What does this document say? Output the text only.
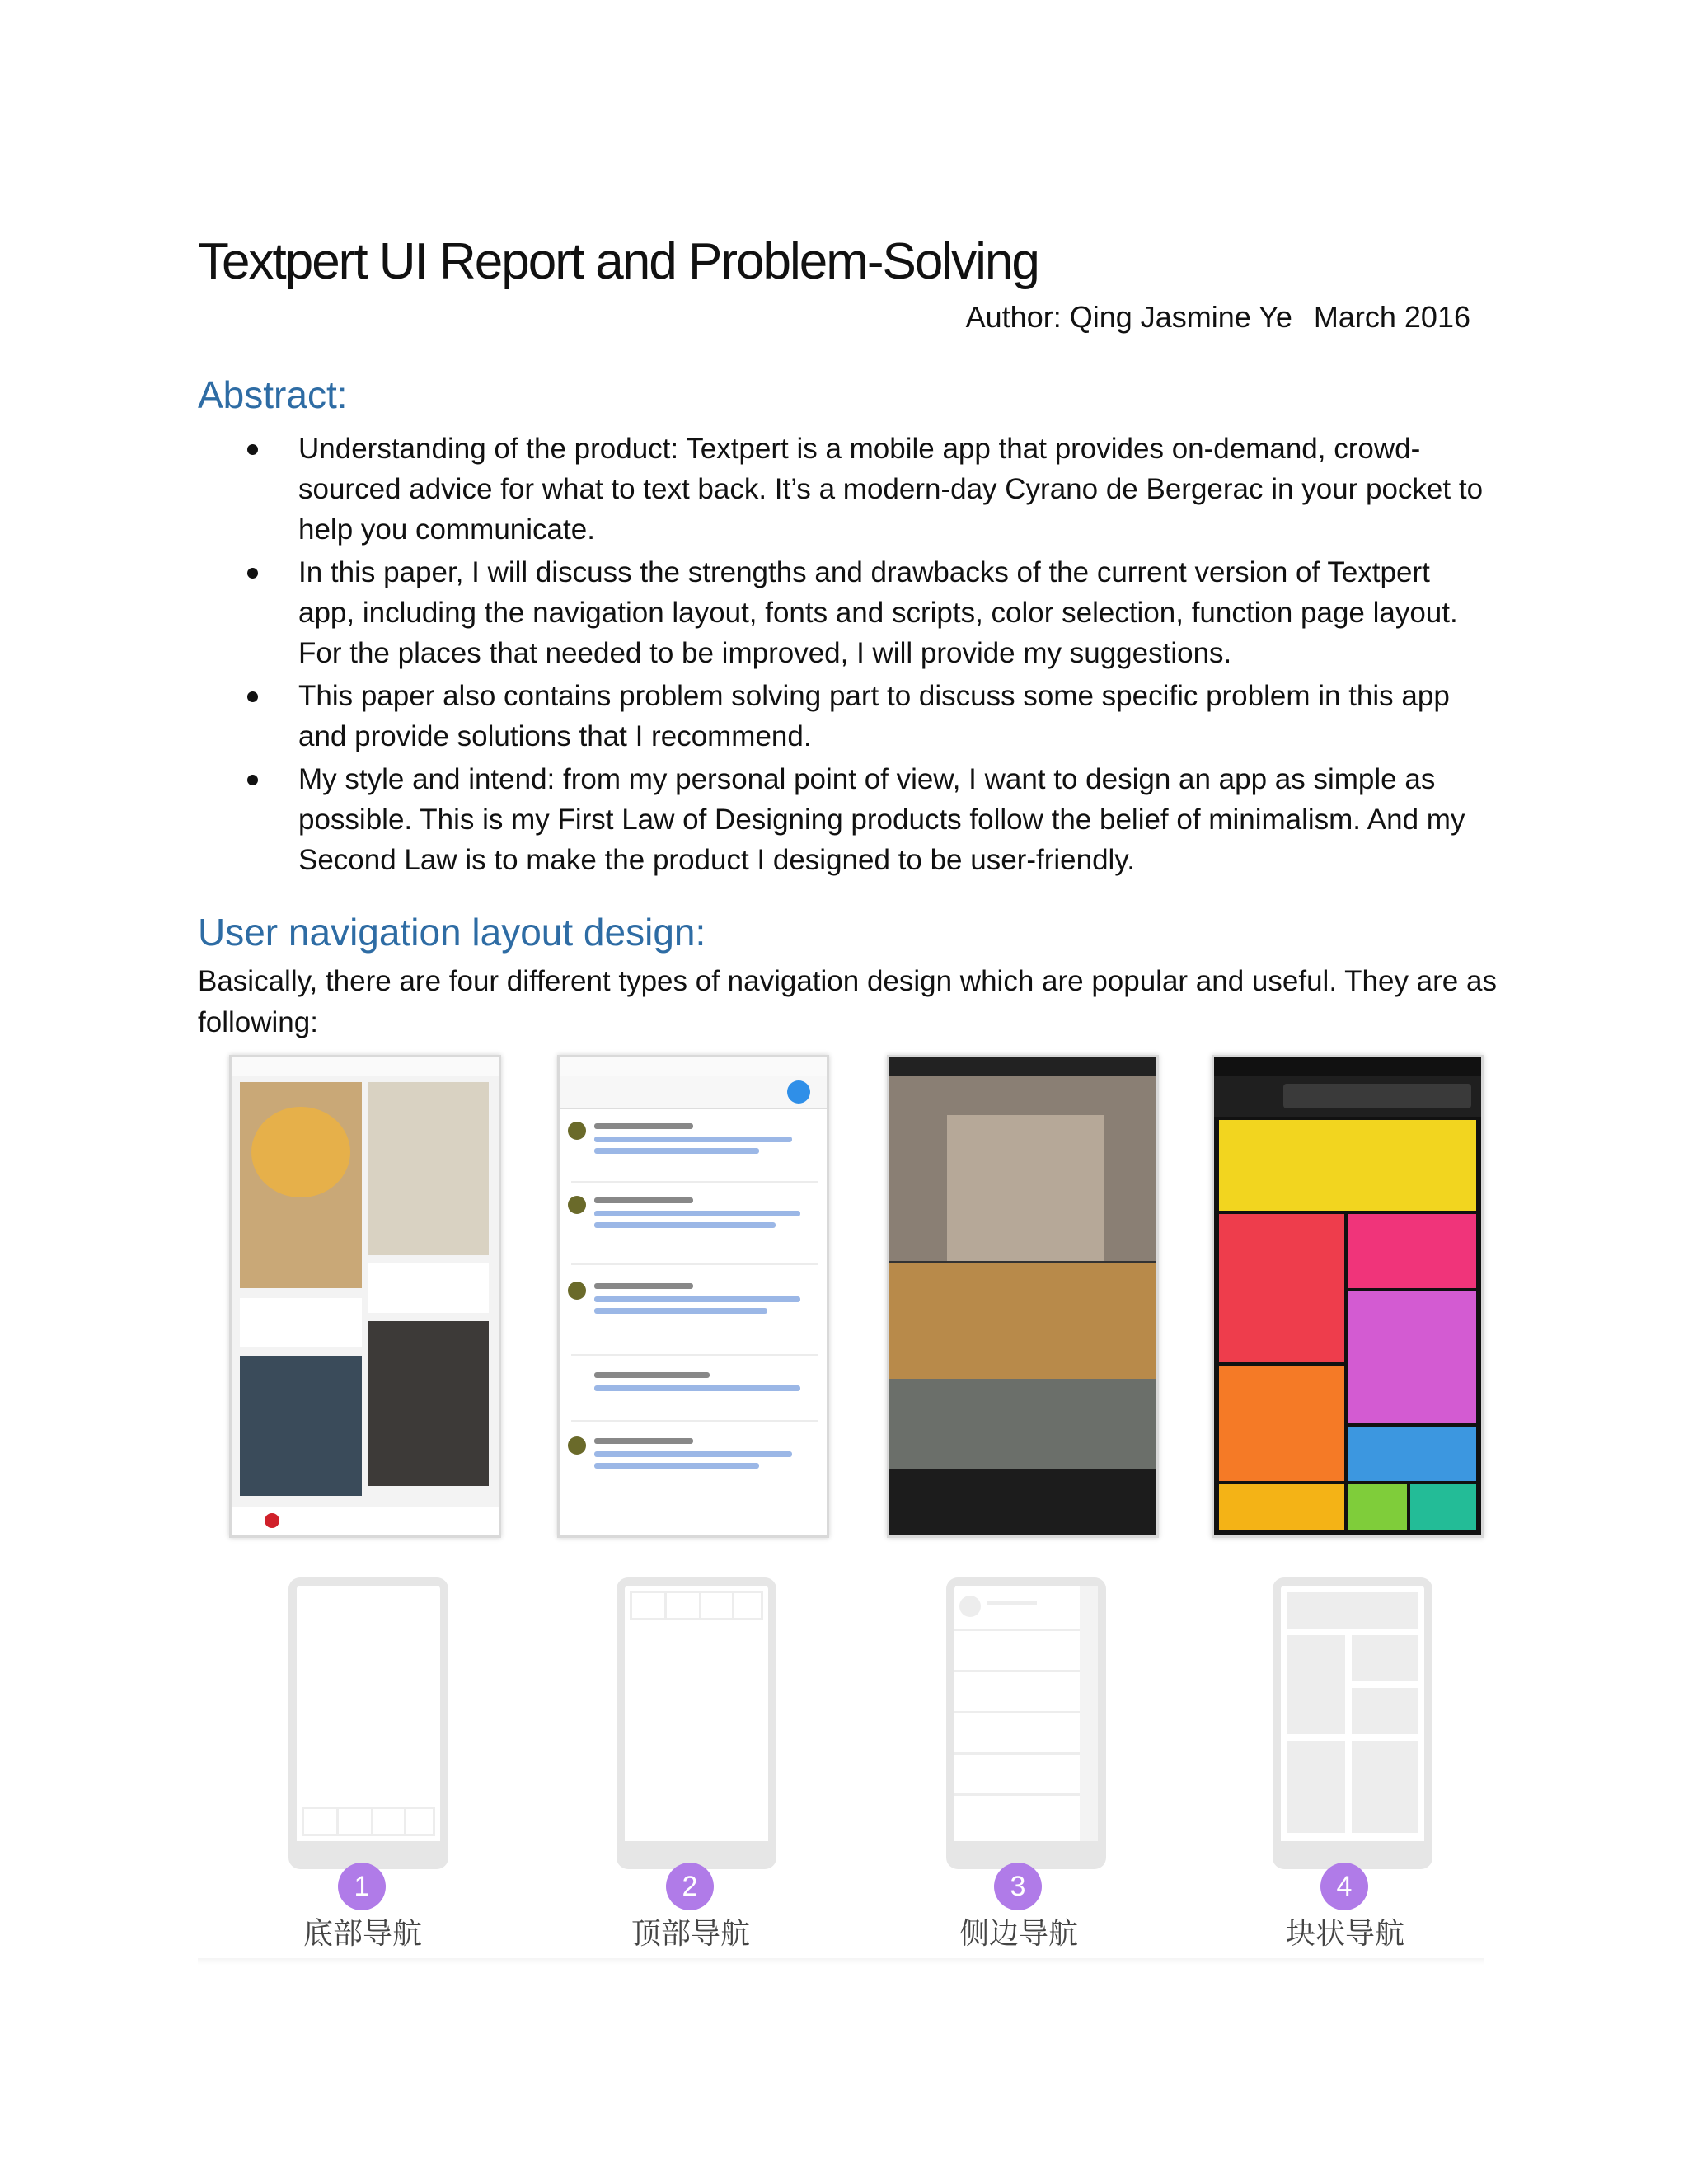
Textpert UI Report and Problem-Solving
Author: Qing Jasmine Ye March 2016
Abstract:
Understanding of the product: Textpert is a mobile app that provides on-demand, crowd-sourced advice for what to text back. It’s a modern-day Cyrano de Bergerac in your pocket to help you communicate.
In this paper, I will discuss the strengths and drawbacks of the current version of Textpert app, including the navigation layout, fonts and scripts, color selection, function page layout. For the places that needed to be improved, I will provide my suggestions.
This paper also contains problem solving part to discuss some specific problem in this app and provide solutions that I recommend.
My style and intend: from my personal point of view, I want to design an app as simple as possible. This is my First Law of Designing products follow the belief of minimalism. And my Second Law is to make the product I designed to be user-friendly.
User navigation layout design:
Basically, there are four different types of navigation design which are popular and useful. They are as following:
1	2	3	4
底部导航	顶部导航	侧边导航	块状导航
